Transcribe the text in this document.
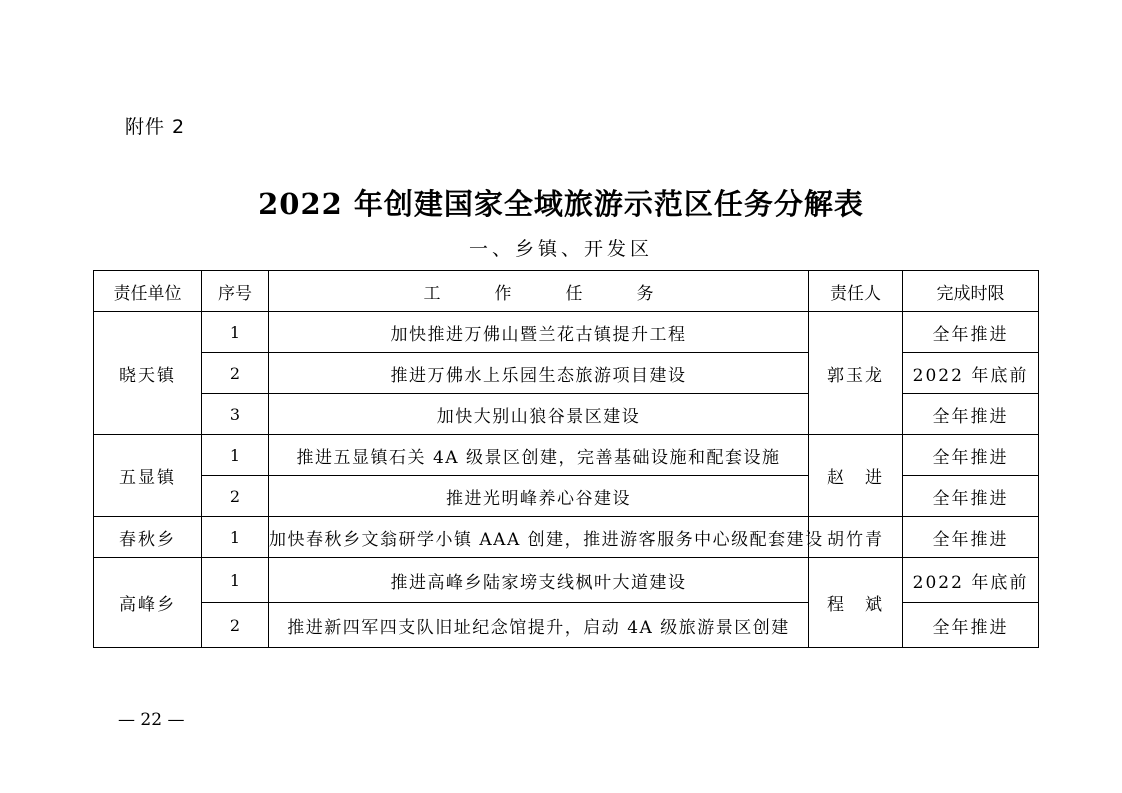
附件 2
2022 年创建国家全域旅游示范区任务分解表
一、乡镇、开发区
责任单位	序号	工作任务	责任人	完成时限
晓天镇	1	加快推进万佛山暨兰花古镇提升工程	郭玉龙	全年推进
	2	推进万佛水上乐园生态旅游项目建设		2022 年底前
	3	加快大别山狼谷景区建设		全年推进
五显镇	1	推进五显镇石关 4A 级景区创建，完善基础设施和配套设施	赵　进	全年推进
	2	推进光明峰养心谷建设		全年推进
春秋乡	1	加快春秋乡文翁研学小镇 AAA 创建，推进游客服务中心级配套建设	胡竹青	全年推进
高峰乡	1	推进高峰乡陆家塝支线枫叶大道建设	程　斌	2022 年底前
	2	推进新四军四支队旧址纪念馆提升，启动 4A 级旅游景区创建		全年推进
— 22 —
